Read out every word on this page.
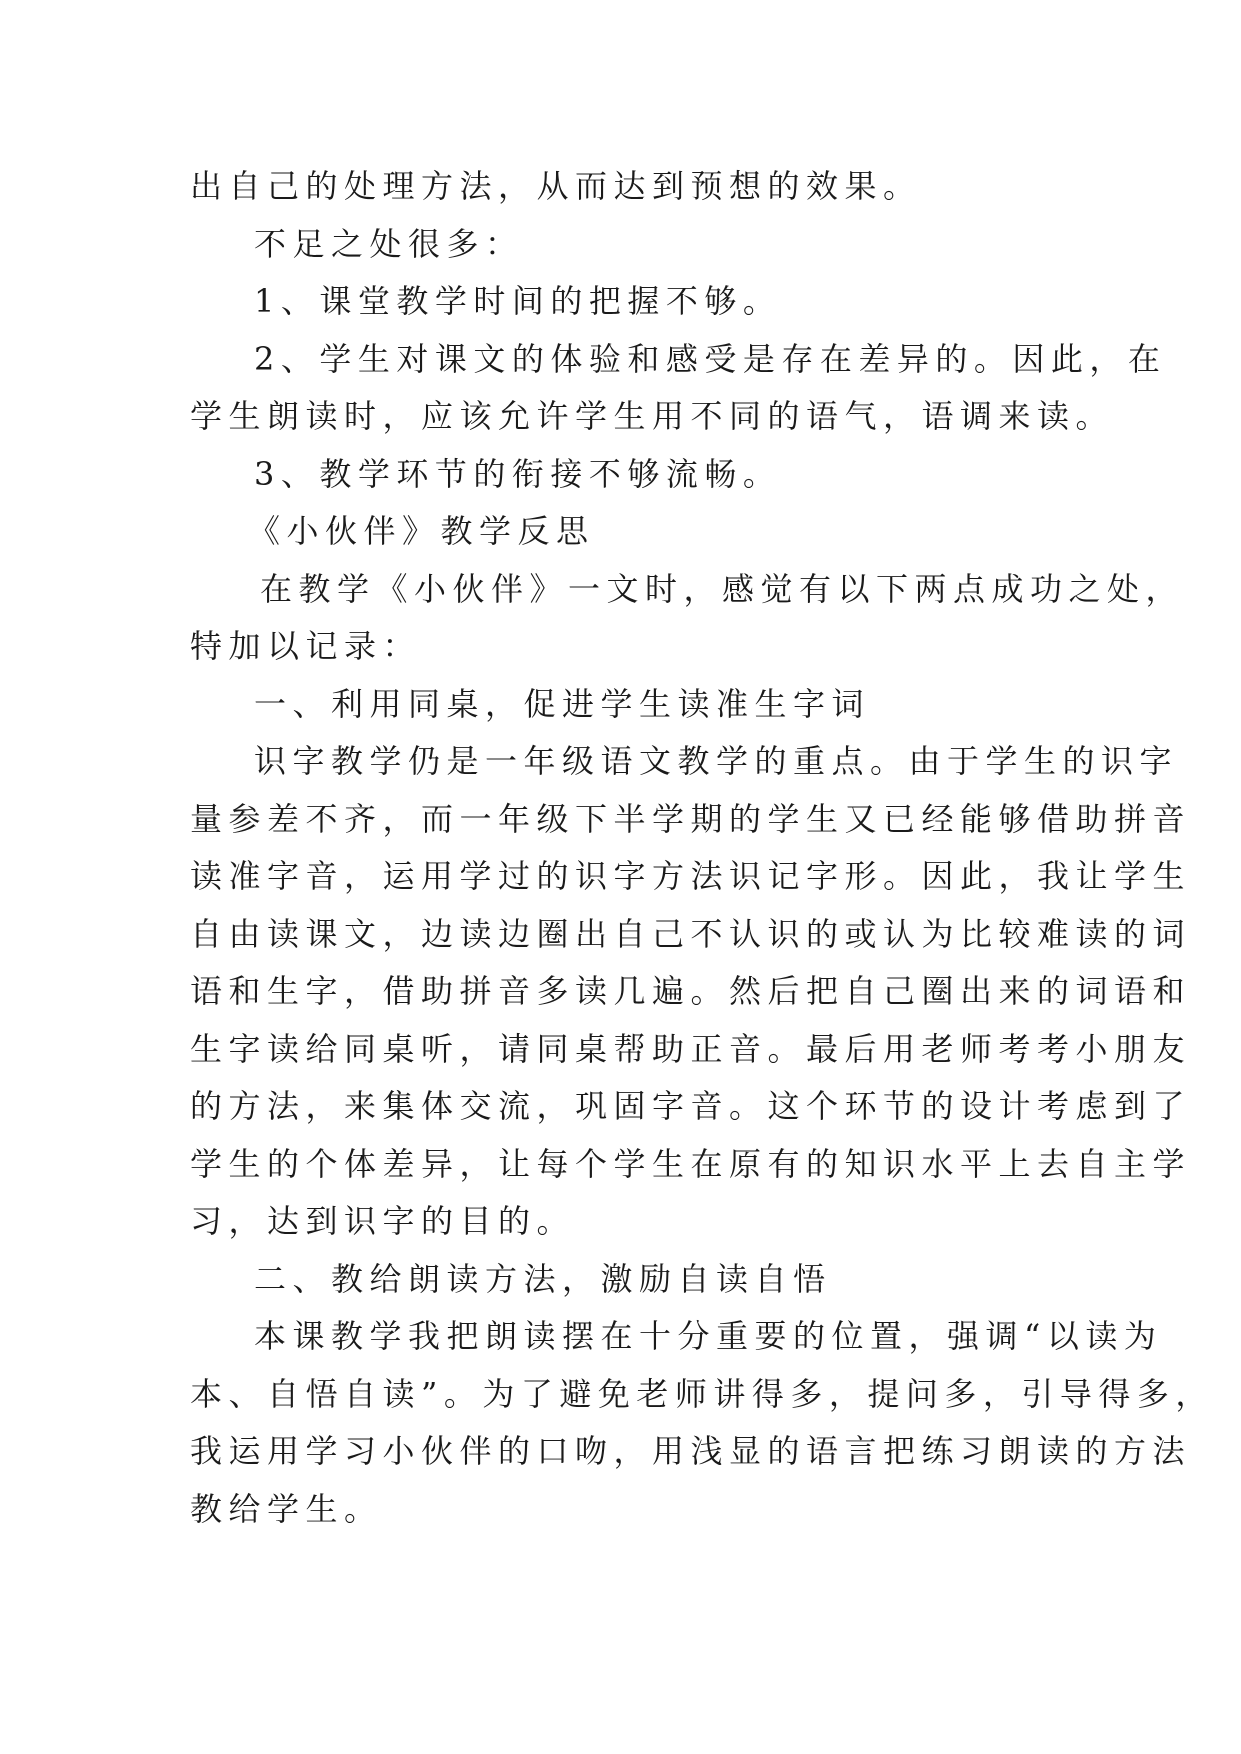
出自己的处理方法，从而达到预想的效果。
不足之处很多：
1、课堂教学时间的把握不够。
2、学生对课文的体验和感受是存在差异的。因此，在
学生朗读时，应该允许学生用不同的语气，语调来读。
3、教学环节的衔接不够流畅。
《小伙伴》教学反思
在教学《小伙伴》一文时，感觉有以下两点成功之处，
特加以记录：
一、利用同桌，促进学生读准生字词
识字教学仍是一年级语文教学的重点。由于学生的识字
量参差不齐，而一年级下半学期的学生又已经能够借助拼音
读准字音，运用学过的识字方法识记字形。因此，我让学生
自由读课文，边读边圈出自己不认识的或认为比较难读的词
语和生字，借助拼音多读几遍。然后把自己圈出来的词语和
生字读给同桌听，请同桌帮助正音。最后用老师考考小朋友
的方法，来集体交流，巩固字音。这个环节的设计考虑到了
学生的个体差异，让每个学生在原有的知识水平上去自主学
习，达到识字的目的。
二、教给朗读方法，激励自读自悟
本课教学我把朗读摆在十分重要的位置，强调“以读为
本、自悟自读”。为了避免老师讲得多，提问多，引导得多，
我运用学习小伙伴的口吻，用浅显的语言把练习朗读的方法
教给学生。
